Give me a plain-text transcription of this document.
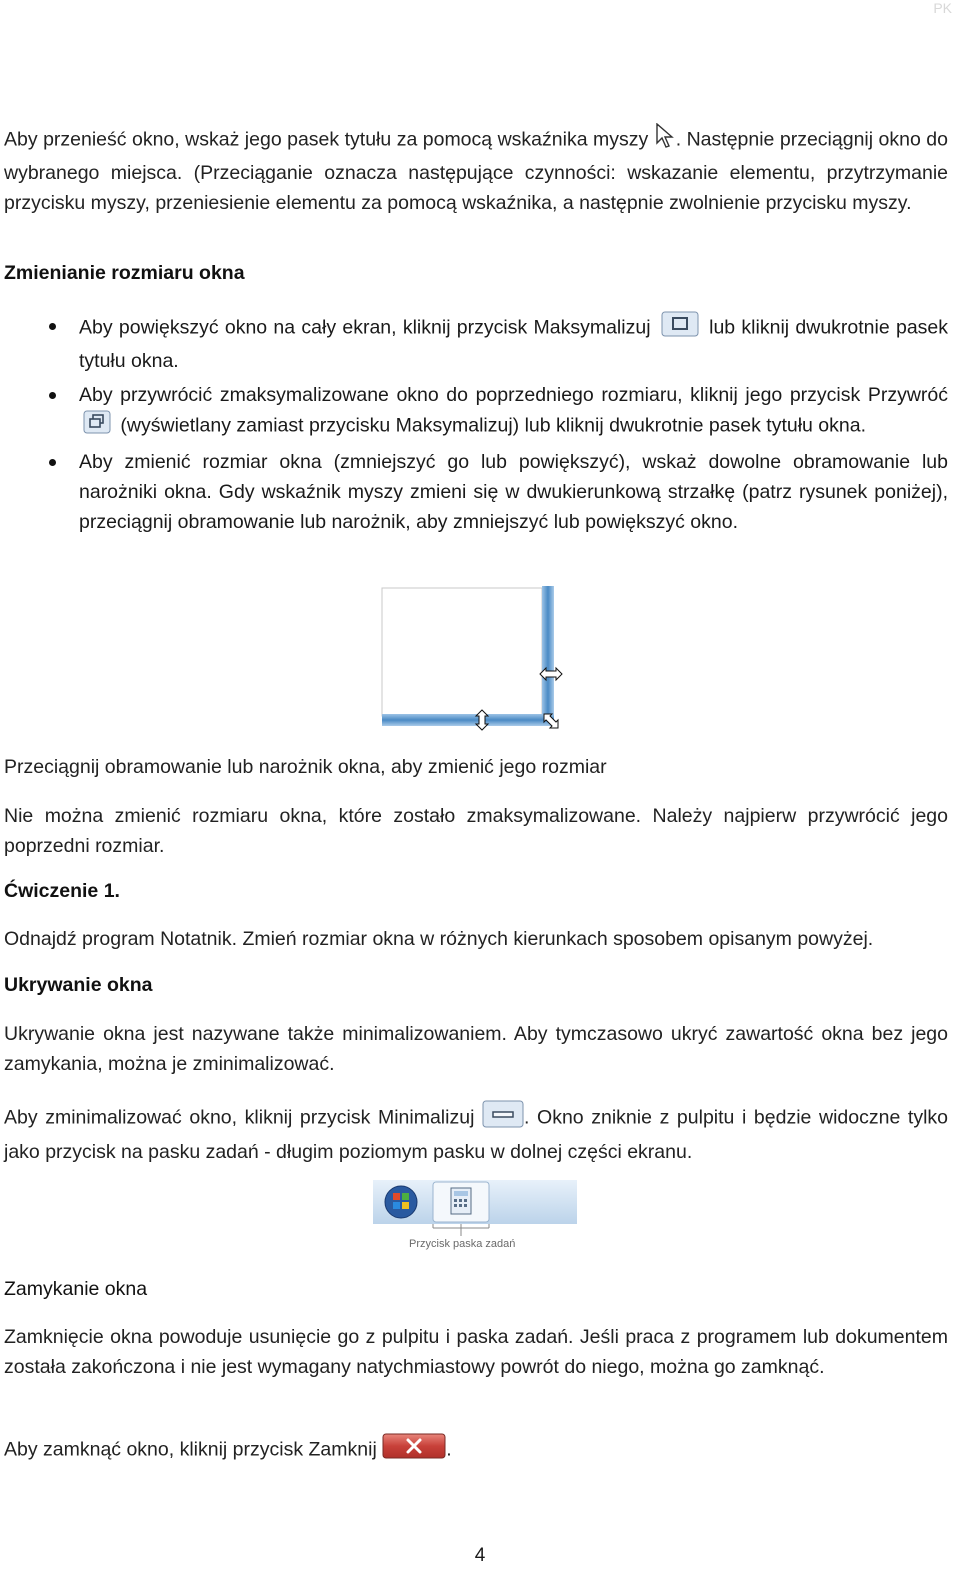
PK
Aby przenieść okno, wskaż jego pasek tytułu za pomocą wskaźnika myszy . Następnie przeciągnij okno do wybranego miejsca. (Przeciąganie oznacza następujące czynności: wskazanie elementu, przytrzymanie przycisku myszy, przeniesienie elementu za pomocą wskaźnika, a następnie zwolnienie przycisku myszy.
Zmienianie rozmiaru okna
Aby powiększyć okno na cały ekran, kliknij przycisk Maksymalizuj	lub kliknij dwukrotnie pasek tytułu okna.
Aby przywrócić zmaksymalizowane okno do poprzedniego rozmiaru, kliknij jego przycisk Przywróć  (wyświetlany zamiast przycisku Maksymalizuj) lub kliknij dwukrotnie pasek tytułu okna.
Aby zmienić rozmiar okna (zmniejszyć go lub powiększyć), wskaż dowolne obramowanie lub narożniki okna. Gdy wskaźnik myszy zmieni się w dwukierunkową strzałkę (patrz rysunek poniżej), przeciągnij obramowanie lub narożnik, aby zmniejszyć lub powiększyć okno.
Przeciągnij obramowanie lub narożnik okna, aby zmienić jego rozmiar
Nie można zmienić rozmiaru okna, które zostało zmaksymalizowane. Należy najpierw przywrócić jego poprzedni rozmiar.
Ćwiczenie 1.
Odnajdź program Notatnik. Zmień rozmiar okna w różnych kierunkach sposobem opisanym powyżej.
Ukrywanie okna
Ukrywanie okna jest nazywane także minimalizowaniem. Aby tymczasowo ukryć zawartość okna bez jego zamykania, można je zminimalizować.
Aby zminimalizować okno, kliknij przycisk Minimalizuj	. Okno zniknie z pulpitu i będzie widoczne tylko jako przycisk na pasku zadań - długim poziomym pasku w dolnej części ekranu.
Przycisk paska zadań
Zamykanie okna
Zamknięcie okna powoduje usunięcie go z pulpitu i paska zadań. Jeśli praca z programem lub dokumentem została zakończona i nie jest wymagany natychmiastowy powrót do niego, można go zamknąć.
Aby zamknąć okno, kliknij przycisk Zamknij	.
4
